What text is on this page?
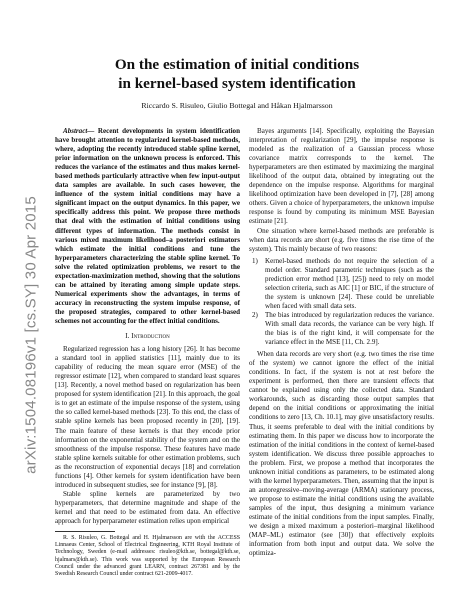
arXiv:1504.08196v1 [cs.SY] 30 Apr 2015
On the estimation of initial conditions
in kernel-based system identification
Riccardo S. Risuleo, Giulio Bottegal and Håkan Hjalmarsson

Abstract— Recent developments in system identification have brought attention to regularized kernel-based methods, where, adopting the recently introduced stable spline kernel, prior information on the unknown process is enforced. This reduces the variance of the estimates and thus makes kernel-based methods particularly attractive when few input-output data samples are available. In such cases however, the influence of the system initial conditions may have a significant impact on the output dynamics. In this paper, we specifically address this point. We propose three methods that deal with the estimation of initial conditions using different types of information. The methods consist in various mixed maximum likelihood–a posteriori estimators which estimate the initial conditions and tune the hyperparameters characterizing the stable spline kernel. To solve the related optimization problems, we resort to the expectation-maximization method, showing that the solutions can be attained by iterating among simple update steps. Numerical experiments show the advantages, in terms of accuracy in reconstructing the system impulse response, of the proposed strategies, compared to other kernel-based schemes not accounting for the effect initial conditions.

I. Introduction

Regularized regression has a long history [26]. It has become a standard tool in applied statistics [11], mainly due to its capability of reducing the mean square error (MSE) of the regressor estimate [12], when compared to standard least squares [13]. Recently, a novel method based on regularization has been proposed for system identification [21]. In this approach, the goal is to get an estimate of the impulse response of the system, using the so called kernel-based methods [23]. To this end, the class of stable spline kernels has been proposed recently in [20], [19]. The main feature of these kernels is that they encode prior information on the exponential stability of the system and on the smoothness of the impulse response. These features have made stable spline kernels suitable for other estimation problems, such as the reconstruction of exponential decays [18] and correlation functions [4]. Other kernels for system identification have been introduced in subsequent studies, see for instance [9], [8].

Stable spline kernels are parameterized by two hyperparameters, that determine magnitude and shape of the kernel and that need to be estimated from data. An effective approach for hyperparameter estimation relies upon empirical

R. S. Risuleo, G. Bottegal and H. Hjalmarsson are with the ACCESS Linnaeus Center, School of Electrical Engineering, KTH Royal Institute of Technology, Sweden (e-mail addresses: risuleo@kth.se, bottegal@kth.se, hjalmars@kth.se). This work was supported by the European Research Council under the advanced grant LEARN, contract 267381 and by the Swedish Research Council under contract 621-2009-4017.

Bayes arguments [14]. Specifically, exploiting the Bayesian interpretation of regularization [29], the impulse response is modeled as the realization of a Gaussian process whose covariance matrix corresponds to the kernel. The hyperparameters are then estimated by maximizing the marginal likelihood of the output data, obtained by integrating out the dependence on the impulse response. Algorithms for marginal likelihood optimization have been developed in [7], [28] among others. Given a choice of hyperparameters, the unknown impulse response is found by computing its minimum MSE Bayesian estimate [21].

One situation where kernel-based methods are preferable is when data records are short (e.g. five times the rise time of the system). This mainly because of two reasons:

1) Kernel-based methods do not require the selection of a model order. Standard parametric techniques (such as the prediction error method [13], [25]) need to rely on model selection criteria, such as AIC [1] or BIC, if the structure of the system is unknown [24]. These could be unreliable when faced with small data sets.
2) The bias introduced by regularization reduces the variance. With small data records, the variance can be very high. If the bias is of the right kind, it will compensate for the variance effect in the MSE [11, Ch. 2.9].

When data records are very short (e.g. two times the rise time of the system) we cannot ignore the effect of the initial conditions. In fact, if the system is not at rest before the experiment is performed, then there are transient effects that cannot be explained using only the collected data. Standard workarounds, such as discarding those output samples that depend on the initial conditions or approximating the initial conditions to zero [13, Ch. 10.1], may give unsatisfactory results. Thus, it seems preferable to deal with the initial conditions by estimating them. In this paper we discuss how to incorporate the estimation of the initial conditions in the context of kernel-based system identification. We discuss three possible approaches to the problem. First, we propose a method that incorporates the unknown initial conditions as parameters, to be estimated along with the kernel hyperparameters. Then, assuming that the input is an autoregressive–moving-average (ARMA) stationary process, we propose to estimate the initial conditions using the available samples of the input, thus designing a minimum variance estimate of the initial conditions from the input samples. Finally, we design a mixed maximum a posteriori–marginal likelihood (MAP–ML) estimator (see [30]) that effectively exploits information from both input and output data. We solve the optimiza-
